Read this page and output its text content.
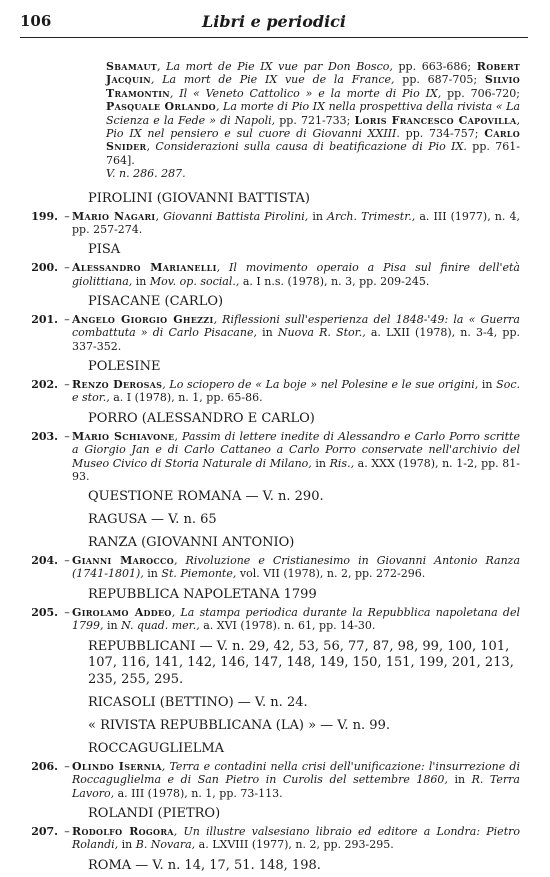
106	Libri e periodici
Sbamaut, La mort de Pie IX vue par Don Bosco, pp. 663-686; Robert Jacquin, La mort de Pie IX vue de la France, pp. 687-705; Silvio Tramontin, Il « Veneto Cattolico » e la morte di Pio IX, pp. 706-720; Pasquale Orlando, La morte di Pio IX nella prospettiva della rivista « La Scienza e la Fede » di Napoli, pp. 721-733; Loris Francesco Capovilla, Pio IX nel pensiero e sul cuore di Giovanni XXIII. pp. 734-757; Carlo Snider, Considerazioni sulla causa di beatificazione di Pio IX. pp. 761-764].

V. n. 286. 287.

PIROLINI (GIOVANNI BATTISTA)

199. – Mario Nagari, Giovanni Battista Pirolini, in Arch. Trimestr., a. III (1977), n. 4, pp. 257-274.

PISA

200. – Alessandro Marianelli, Il movimento operaio a Pisa sul finire dell'età giolittiana, in Mov. op. social., a. I n.s. (1978), n. 3, pp. 209-245.

PISACANE (CARLO)

201. – Angelo Giorgio Ghezzi, Riflessioni sull'esperienza del 1848-'49: la « Guerra combattuta » di Carlo Pisacane, in Nuova R. Stor., a. LXII (1978), n. 3-4, pp. 337-352.

POLESINE

202. – Renzo Derosas, Lo sciopero de « La boje » nel Polesine e le sue origini, in Soc. e stor., a. I (1978), n. 1, pp. 65-86.

PORRO (ALESSANDRO E CARLO)

203. – Mario Schiavone, Passim di lettere inedite di Alessandro e Carlo Porro scritte a Giorgio Jan e di Carlo Cattaneo a Carlo Porro conservate nell'archivio del Museo Civico di Storia Naturale di Milano, in Ris., a. XXX (1978), n. 1-2, pp. 81-93.

QUESTIONE ROMANA — V. n. 290.

RAGUSA — V. n. 65

RANZA (GIOVANNI ANTONIO)

204. – Gianni Marocco, Rivoluzione e Cristianesimo in Giovanni Antonio Ranza (1741-1801), in St. Piemonte, vol. VII (1978), n. 2, pp. 272-296.

REPUBBLICA NAPOLETANA 1799

205. – Girolamo Addeo, La stampa periodica durante la Repubblica napoletana del 1799, in N. quad. mer., a. XVI (1978). n. 61, pp. 14-30.

REPUBBLICANI — V. n. 29, 42, 53, 56, 77, 87, 98, 99, 100, 101, 107, 116, 141, 142, 146, 147, 148, 149, 150, 151, 199, 201, 213, 235, 255, 295.

RICASOLI (BETTINO) — V. n. 24.

« RIVISTA REPUBBLICANA (LA) » — V. n. 99.

ROCCAGUGLIELMA

206. – Olindo Isernia, Terra e contadini nella crisi dell'unificazione: l'insurrezione di Roccaguglielma e di San Pietro in Curolis del settembre 1860, in R. Terra Lavoro, a. III (1978), n. 1, pp. 73-113.

ROLANDI (PIETRO)

207. – Rodolfo Rogora, Un illustre valsesiano libraio ed editore a Londra: Pietro Rolandi, in B. Novara, a. LXVIII (1977), n. 2, pp. 293-295.

ROMA — V. n. 14, 17, 51. 148, 198.
